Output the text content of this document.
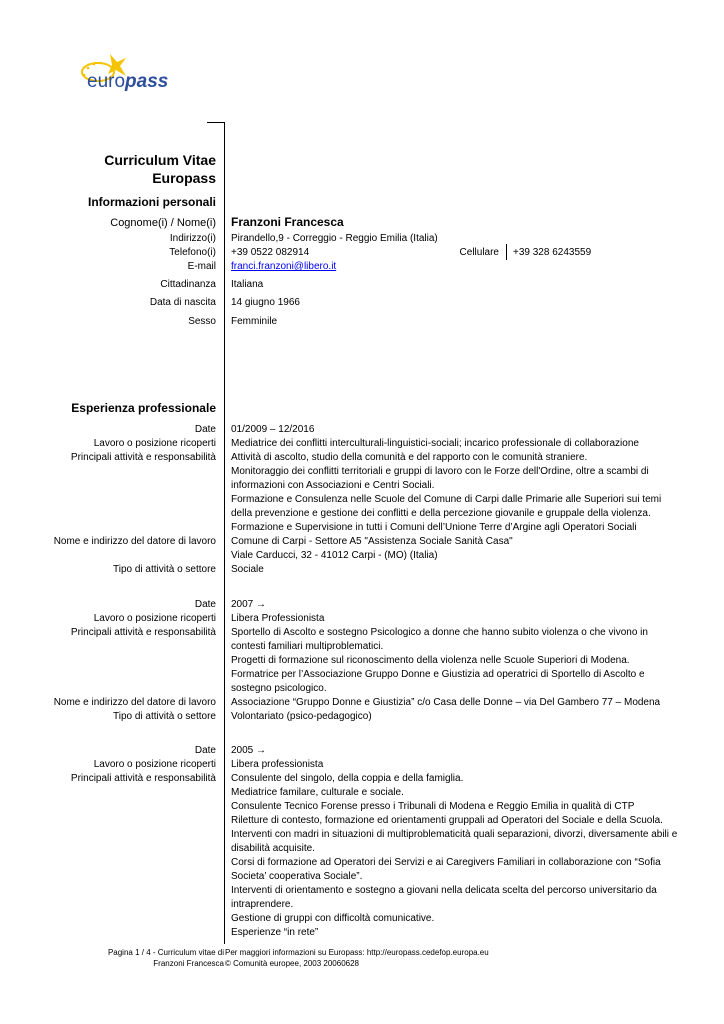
europass
Curriculum Vitae
Europass
Informazioni personali
Cognome(i) / Nome(i) Franzoni Francesca
Indirizzo(i) Pirandello,9 - Correggio - Reggio Emilia (Italia)
Telefono(i) +39 0522 082914	Cellulare +39 328 6243559
E-mail franci.franzoni@libero.it
Cittadinanza Italiana
Data di nascita 14 giugno 1966
Sesso Femminile
Esperienza professionale
Date 01/2009 – 12/2016
Lavoro o posizione ricoperti Mediatrice dei conflitti interculturali-linguistici-sociali; incarico professionale di collaborazione
Principali attività e responsabilità Attività di ascolto, studio della comunità e del rapporto con le comunità straniere.
Monitoraggio dei conflitti territoriali e gruppi di lavoro con le Forze dell'Ordine, oltre a scambi di
informazioni con Associazioni e Centri Sociali.
Formazione e Consulenza nelle Scuole del Comune di Carpi dalle Primarie alle Superiori sui temi
della prevenzione e gestione dei conflitti e della percezione giovanile e gruppale della violenza.
Formazione e Supervisione in tutti i Comuni dell’Unione Terre d’Argine agli Operatori Sociali
Nome e indirizzo del datore di lavoro Comune di Carpi - Settore A5 "Assistenza Sociale Sanità Casa"
Viale Carducci, 32 - 41012 Carpi - (MO) (Italia)
Tipo di attività o settore Sociale
Date 2007 →
Lavoro o posizione ricoperti Libera Professionista
Principali attività e responsabilità Sportello di Ascolto e sostegno Psicologico a donne che hanno subito violenza o che vivono in
contesti familiari multiproblematici.
Progetti di formazione sul riconoscimento della violenza nelle Scuole Superiori di Modena.
Formatrice per l’Associazione Gruppo Donne e Giustizia ad operatrici di Sportello di Ascolto e
sostegno psicologico.
Nome e indirizzo del datore di lavoro Associazione “Gruppo Donne e Giustizia” c/o Casa delle Donne – via Del Gambero 77 – Modena
Tipo di attività o settore Volontariato (psico-pedagogico)
Date 2005 →
Lavoro o posizione ricoperti Libera professionista
Principali attività e responsabilità Consulente del singolo, della coppia e della famiglia.
Mediatrice familare, culturale e sociale.
Consulente Tecnico Forense presso i Tribunali di Modena e Reggio Emilia in qualità di CTP
Riletture di contesto, formazione ed orientamenti gruppali ad Operatori del Sociale e della Scuola.
Interventi con madri in situazioni di multiproblematicità quali separazioni, divorzi, diversamente abili e
disabilità acquisite.
Corsi di formazione ad Operatori dei Servizi e ai Caregivers Familiari in collaborazione con “Sofia
Societa’ cooperativa Sociale”.
Interventi di orientamento e sostegno a giovani nella delicata scelta del percorso universitario da
intraprendere.
Gestione di gruppi con difficoltà comunicative.
Esperienze “in rete”
Pagina 1 / 4 - Curriculum vitae di
Franzoni Francesca
Per maggiori informazioni su Europass: http://europass.cedefop.europa.eu
© Comunità europee, 2003 20060628
